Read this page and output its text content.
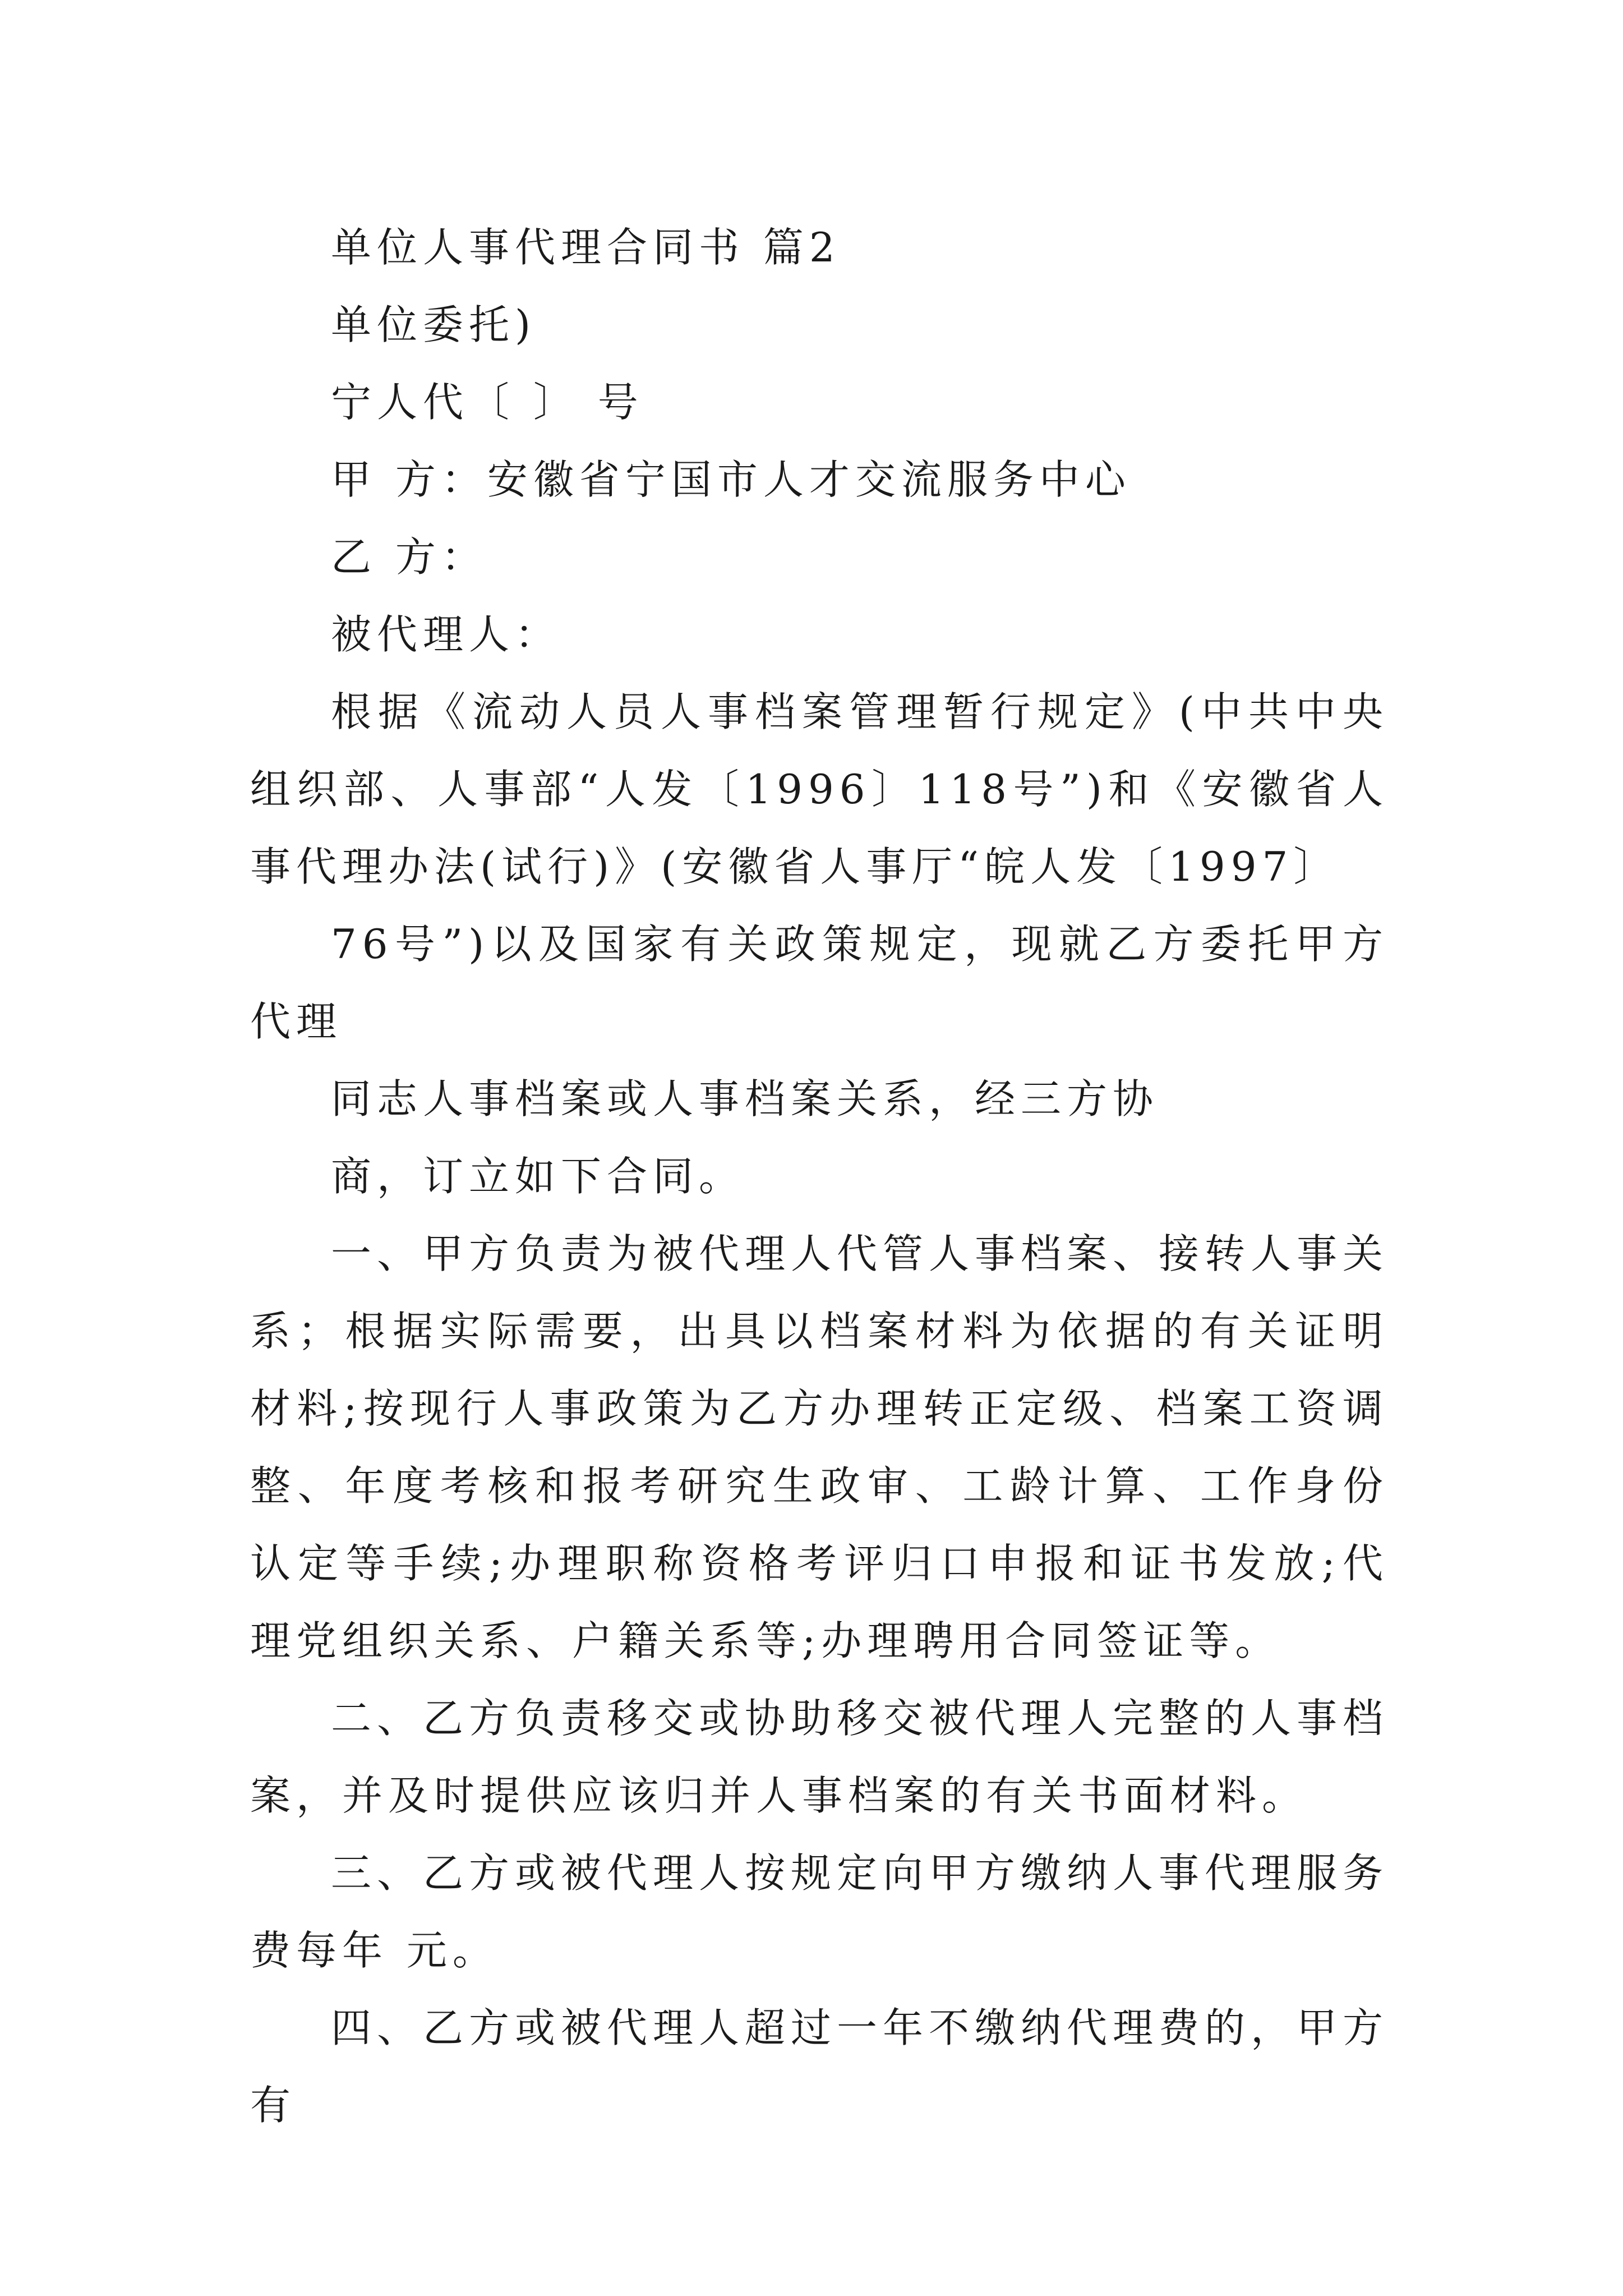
单位人事代理合同书 篇2

单位委托)

宁人代〔 〕 号

甲 方：安徽省宁国市人才交流服务中心

乙 方：

被代理人：

根据《流动人员人事档案管理暂行规定》(中共中央组织部、人事部“人发〔1996〕118号”)和《安徽省人事代理办法(试行)》(安徽省人事厅“皖人发〔1997〕

76号”)以及国家有关政策规定，现就乙方委托甲方代理

同志人事档案或人事档案关系，经三方协

商，订立如下合同。

一、甲方负责为被代理人代管人事档案、接转人事关系；根据实际需要，出具以档案材料为依据的有关证明材料;按现行人事政策为乙方办理转正定级、档案工资调整、年度考核和报考研究生政审、工龄计算、工作身份认定等手续;办理职称资格考评归口申报和证书发放;代理党组织关系、户籍关系等;办理聘用合同签证等。

二、乙方负责移交或协助移交被代理人完整的人事档案，并及时提供应该归并人事档案的有关书面材料。

三、乙方或被代理人按规定向甲方缴纳人事代理服务费每年 元。

四、乙方或被代理人超过一年不缴纳代理费的，甲方有
